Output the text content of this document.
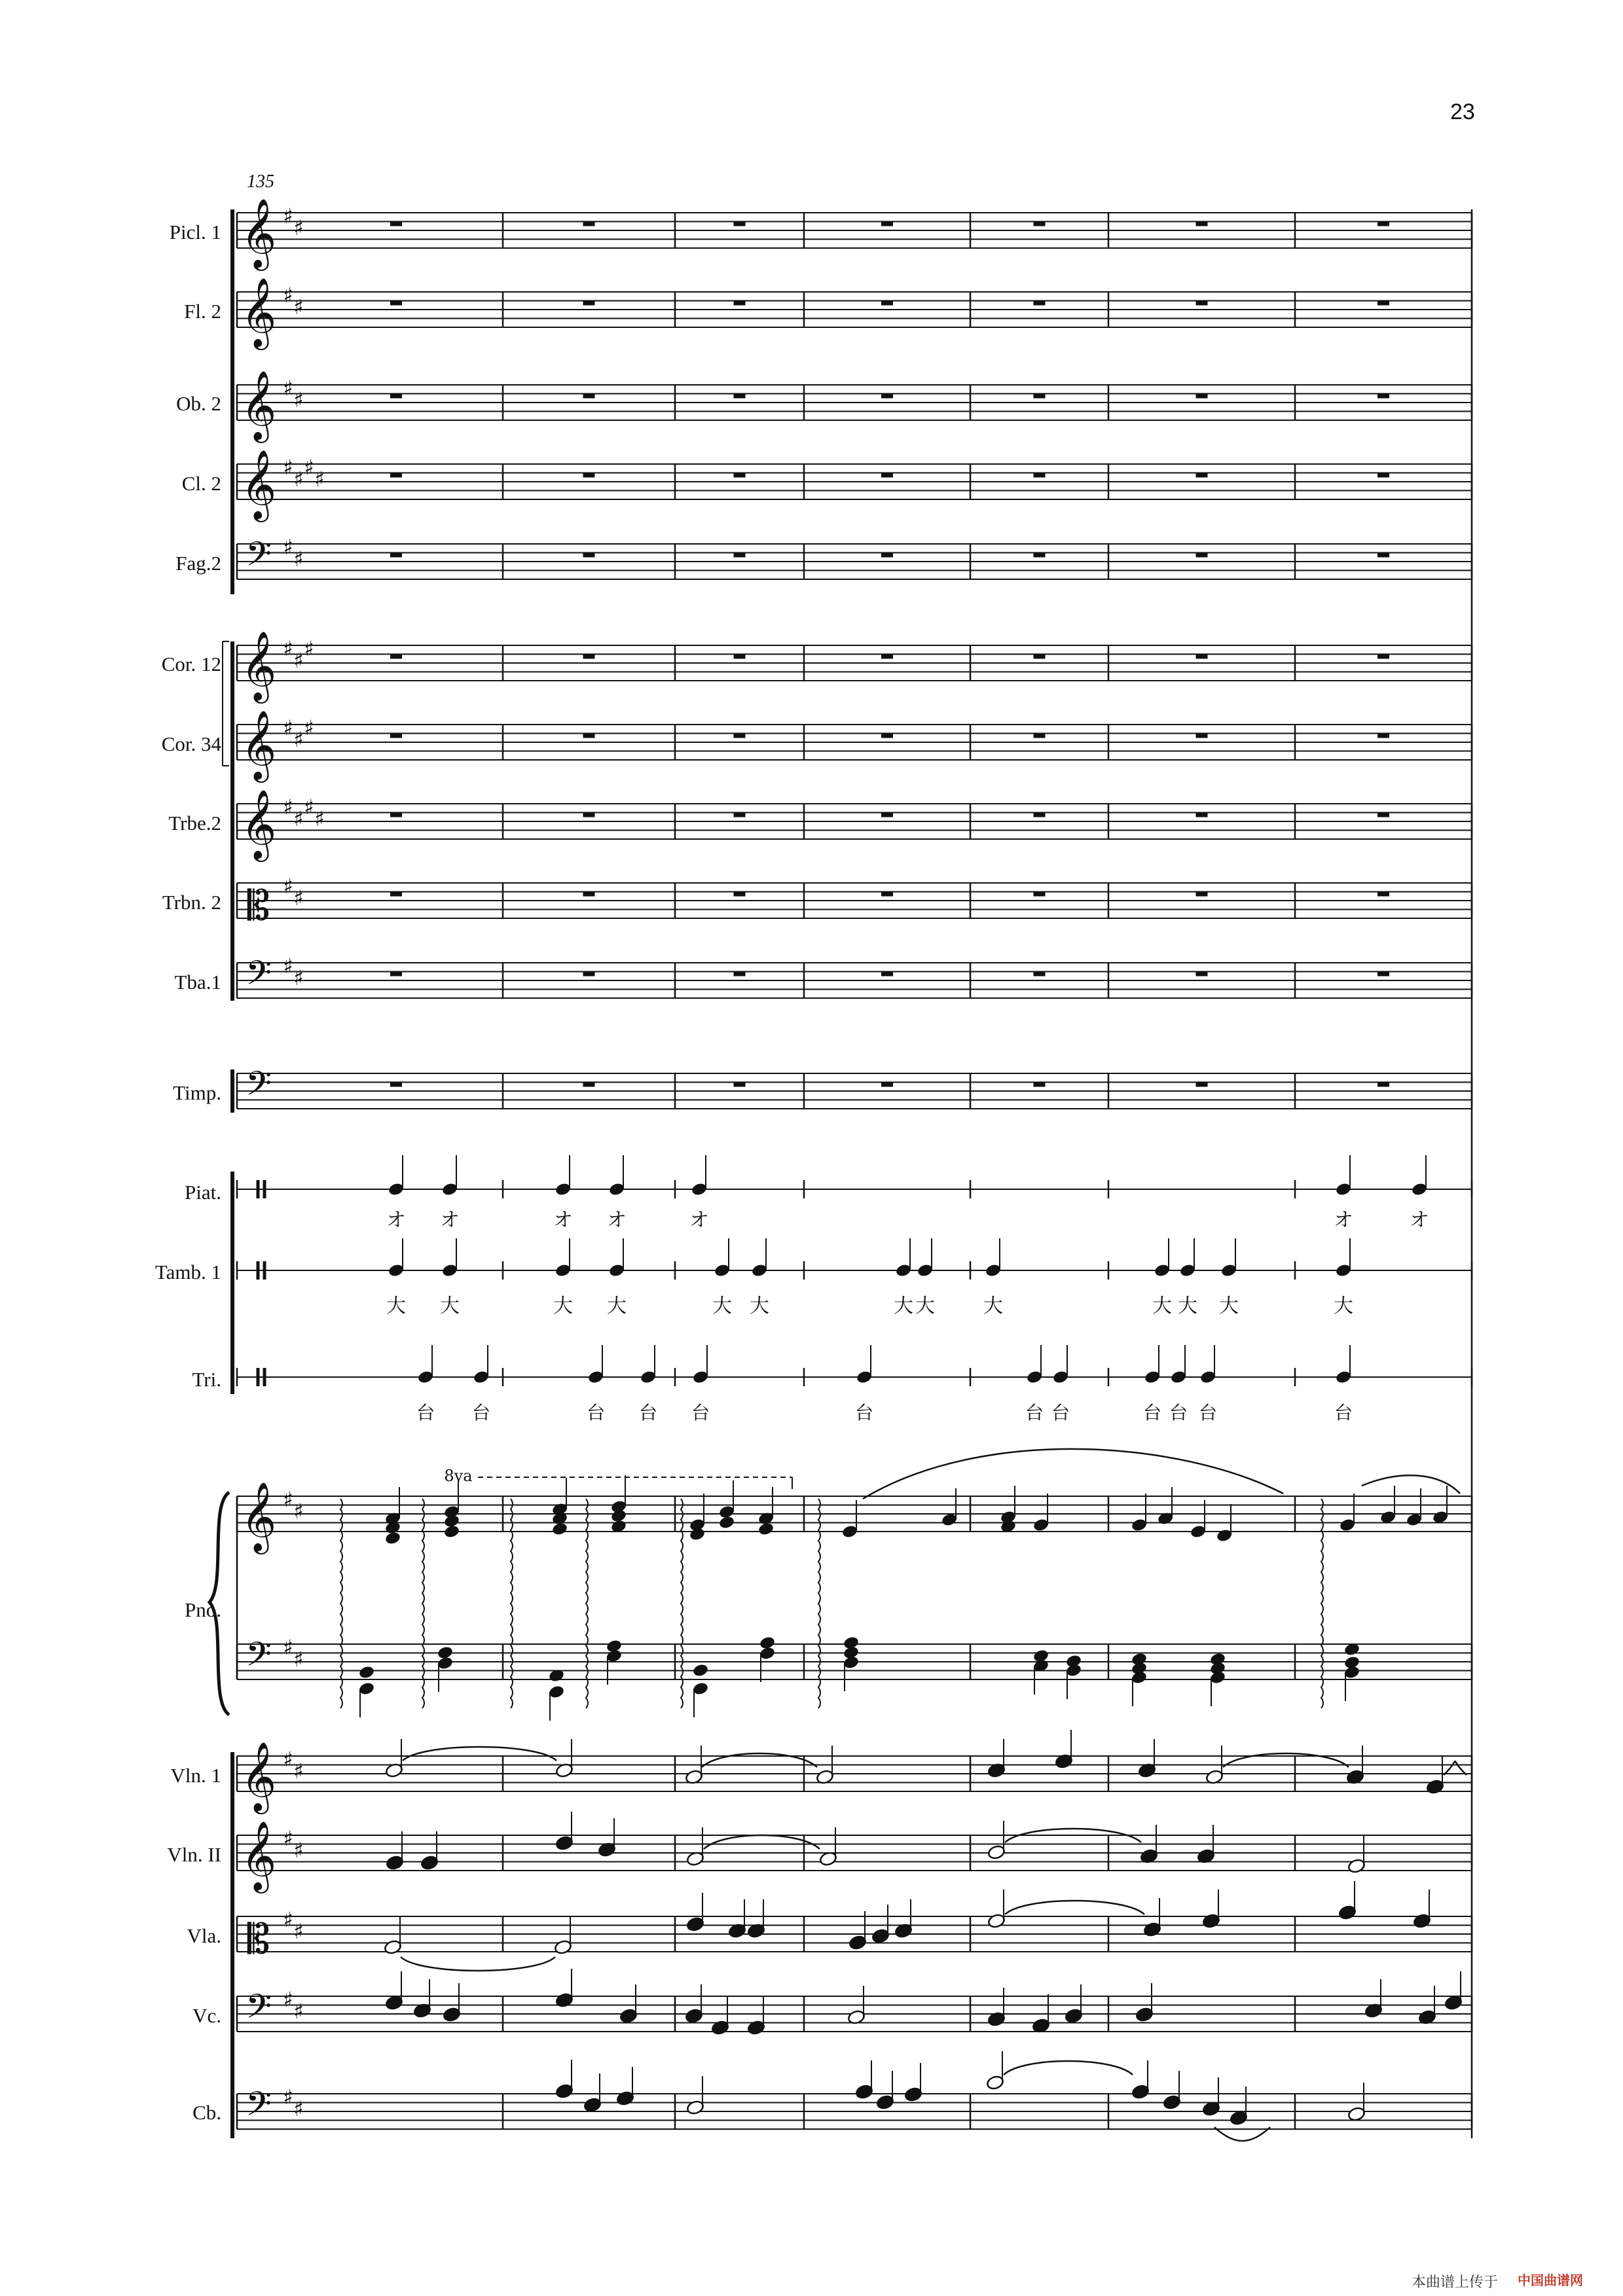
23
135
Picl. 1
Fl. 2
Ob. 2
Cl. 2
Fag.2
Cor. 12
Cor. 34
Trbe.2
Trbn. 2
Tba.1
Timp.
Piat.
Tamb. 1
Tri.
Pno.
Vln. 1
Vln. II
Vla.
Vc.
Cb.
𝄞 ♯ ♯
𝄞 ♯ ♯
𝄞 ♯ ♯
𝄞 ♯ ♯ ♯ ♯
𝄢 ♯ ♯
𝄞 ♯ ♯ ♯
𝄞 ♯ ♯ ♯
𝄞 ♯ ♯ ♯ ♯
𝄡 ♯ ♯
𝄢 ♯ ♯
𝄢
𝄞 ♯ ♯
𝄢 ♯ ♯
𝄞 ♯ ♯
𝄞 ♯ ♯
𝄡 ♯ ♯
𝄢 ♯ ♯
𝄢 ♯ ♯
オ オ	オ オ	オ	オ	オ
大 大	大 大	大 大	大 大 大	大 大 大	大
台 台	台 台 台	台	台 台	台 台 台	台
8va
本曲谱上传于 中国曲谱网
